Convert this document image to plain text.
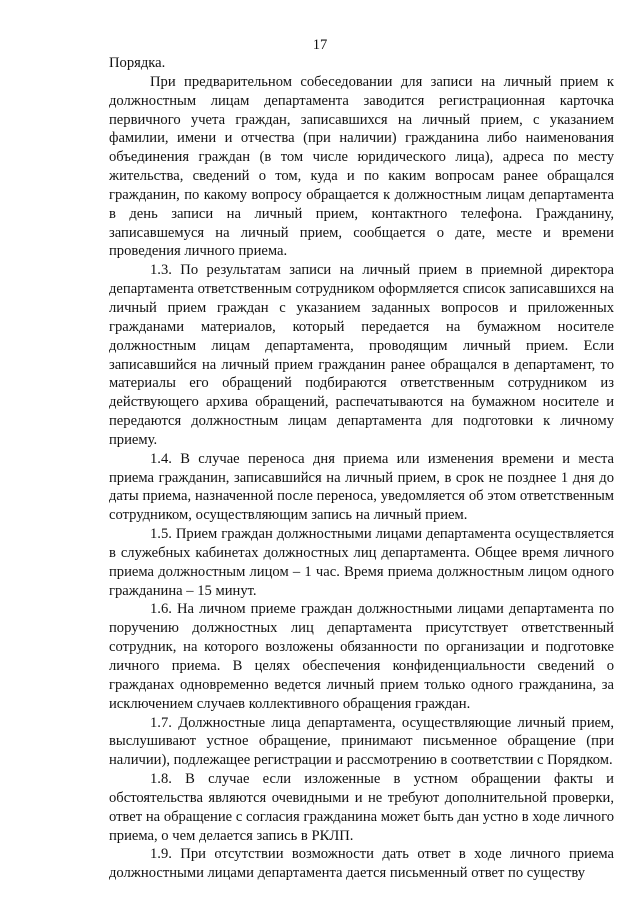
17

Порядка.

При предварительном собеседовании для записи на личный прием к должностным лицам департамента заводится регистрационная карточка первичного учета граждан, записавшихся на личный прием, с указанием фамилии, имени и отчества (при наличии) гражданина либо наименования объединения граждан (в том числе юридического лица), адреса по месту жительства, сведений о том, куда и по каким вопросам ранее обращался гражданин, по какому вопросу обращается к должностным лицам департамента в день записи на личный прием, контактного телефона. Гражданину, записавшемуся на личный прием, сообщается о дате, месте и времени проведения личного приема.

1.3. По результатам записи на личный прием в приемной директора департамента ответственным сотрудником оформляется список записавшихся на личный прием граждан с указанием заданных вопросов и приложенных гражданами материалов, который передается на бумажном носителе должностным лицам департамента, проводящим личный прием. Если записавшийся на личный прием гражданин ранее обращался в департамент, то материалы его обращений подбираются ответственным сотрудником из действующего архива обращений, распечатываются на бумажном носителе и передаются должностным лицам департамента для подготовки к личному приему.

1.4. В случае переноса дня приема или изменения времени и места приема гражданин, записавшийся на личный прием, в срок не позднее 1 дня до даты приема, назначенной после переноса, уведомляется об этом ответственным сотрудником, осуществляющим запись на личный прием.

1.5. Прием граждан должностными лицами департамента осуществляется в служебных кабинетах должностных лиц департамента. Общее время личного приема должностным лицом – 1 час. Время приема должностным лицом одного гражданина – 15 минут.

1.6. На личном приеме граждан должностными лицами департамента по поручению должностных лиц департамента присутствует ответственный сотрудник, на которого возложены обязанности по организации и подготовке личного приема. В целях обеспечения конфиденциальности сведений о гражданах одновременно ведется личный прием только одного гражданина, за исключением случаев коллективного обращения граждан.

1.7. Должностные лица департамента, осуществляющие личный прием, выслушивают устное обращение, принимают письменное обращение (при наличии), подлежащее регистрации и рассмотрению в соответствии с Порядком.

1.8. В случае если изложенные в устном обращении факты и обстоятельства являются очевидными и не требуют дополнительной проверки, ответ на обращение с согласия гражданина может быть дан устно в ходе личного приема, о чем делается запись в РКЛП.

1.9. При отсутствии возможности дать ответ в ходе личного приема должностными лицами департамента дается письменный ответ по существу
